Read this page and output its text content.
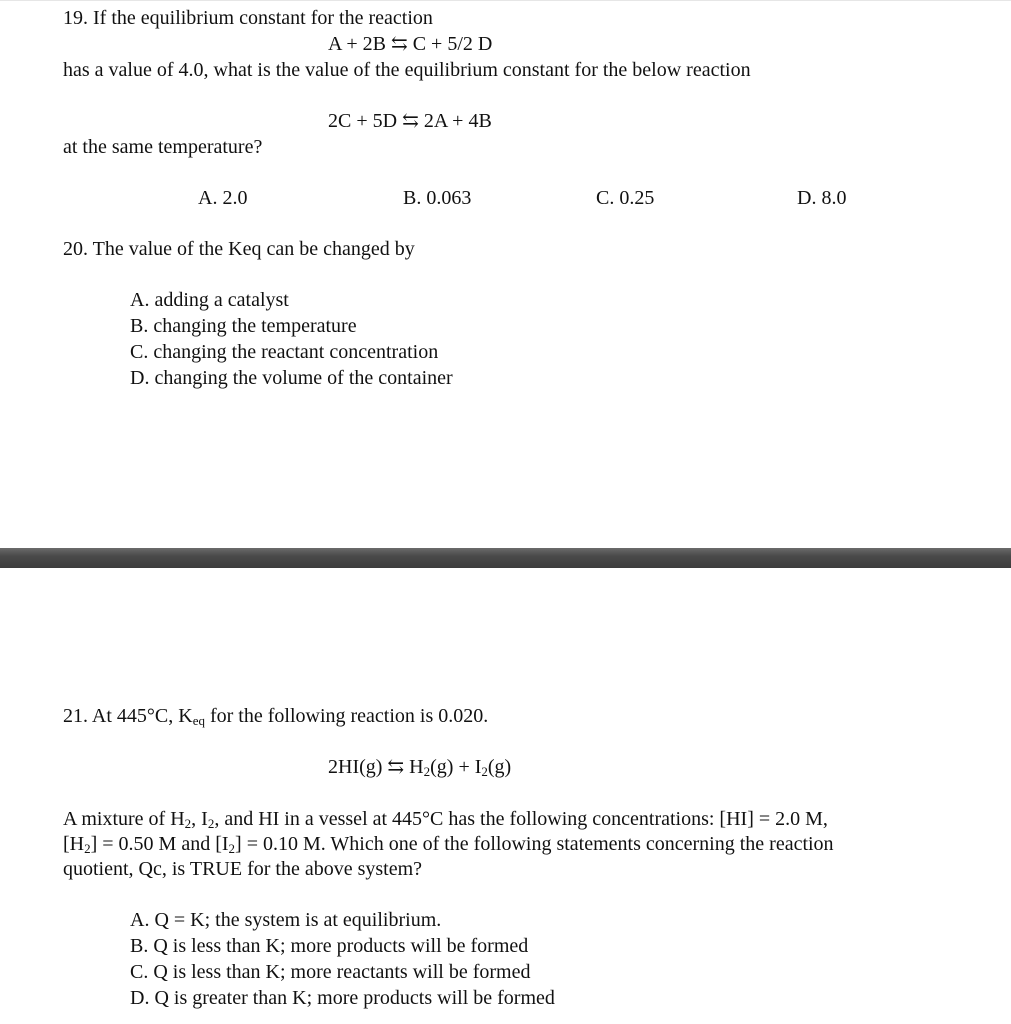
19. If the equilibrium constant for the reaction
A + 2B ⇆ C + 5/2 D
has a value of 4.0, what is the value of the equilibrium constant for the below reaction
2C + 5D ⇆ 2A + 4B
at the same temperature?
A. 2.0	B. 0.063	C. 0.25	D. 8.0
20. The value of the Keq can be changed by
A. adding a catalyst
B. changing the temperature
C. changing the reactant concentration
D. changing the volume of the container
21. At 445°C, $K_{eq}$ for the following reaction is 0.020.
2HI(g) ⇆ $H_2(g) + I_2(g)$
A mixture of $H_2$, $I_2$, and HI in a vessel at 445°C has the following concentrations: [HI] = 2.0 M,
$[H_2] = 0.50$ M and $[I_2] = 0.10$ M. Which one of the following statements concerning the reaction
quotient, Qc, is TRUE for the above system?
A. Q = K; the system is at equilibrium.
B. Q is less than K; more products will be formed
C. Q is less than K; more reactants will be formed
D. Q is greater than K; more products will be formed
